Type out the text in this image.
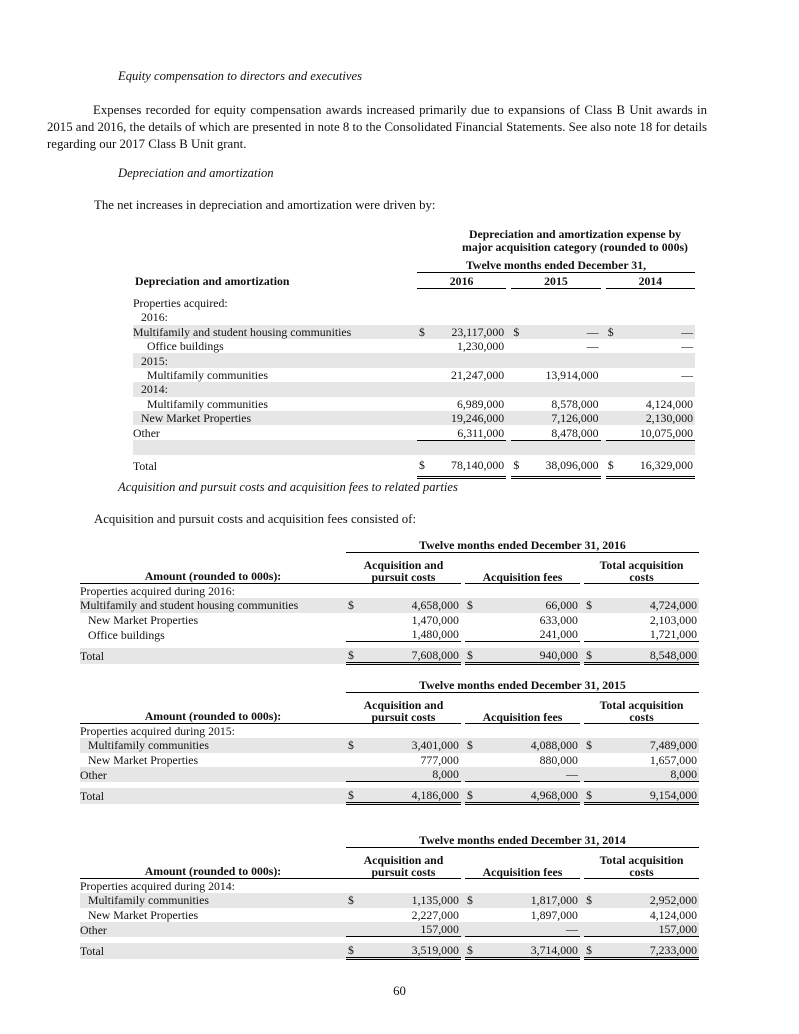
Equity compensation to directors and executives
Expenses recorded for equity compensation awards increased primarily due to expansions of Class B Unit awards in 2015 and 2016, the details of which are presented in note 8 to the Consolidated Financial Statements. See also note 18 for details regarding our 2017 Class B Unit grant.
Depreciation and amortization
The net increases in depreciation and amortization were driven by:
	Depreciation and amortization expense by major acquisition category (rounded to 000s)							
	Twelve months ended December 31,							
Depreciation and amortization	2016			2015			2014	
Properties acquired:								
2016:								
Multifamily and student housing communities	$	23,117,000		$	—		$	—
Office buildings		1,230,000			—			—
2015:								
Multifamily communities		21,247,000			13,914,000			—
2014:								
Multifamily communities		6,989,000			8,578,000			4,124,000
New Market Properties		19,246,000			7,126,000			2,130,000
Other		6,311,000			8,478,000			10,075,000

Total	$	78,140,000		$	38,096,000		$	16,329,000
Acquisition and pursuit costs and acquisition fees to related parties
Acquisition and pursuit costs and acquisition fees consisted of:
	Twelve months ended December 31, 2016							
Amount (rounded to 000s):	Acquisition and pursuit costs			Acquisition fees			Total acquisition costs	
Properties acquired during 2016:								
Multifamily and student housing communities	$	4,658,000		$	66,000		$	4,724,000
New Market Properties		1,470,000			633,000			2,103,000
Office buildings		1,480,000			241,000			1,721,000

Total	$	7,608,000		$	940,000		$	8,548,000
	Twelve months ended December 31, 2015							
Amount (rounded to 000s):	Acquisition and pursuit costs			Acquisition fees			Total acquisition costs	
Properties acquired during 2015:								
Multifamily communities	$	3,401,000		$	4,088,000		$	7,489,000
New Market Properties		777,000			880,000			1,657,000
Other		8,000			—			8,000

Total	$	4,186,000		$	4,968,000		$	9,154,000
	Twelve months ended December 31, 2014							
Amount (rounded to 000s):	Acquisition and pursuit costs			Acquisition fees			Total acquisition costs	
Properties acquired during 2014:								
Multifamily communities	$	1,135,000		$	1,817,000		$	2,952,000
New Market Properties		2,227,000			1,897,000			4,124,000
Other		157,000			—			157,000

Total	$	3,519,000		$	3,714,000		$	7,233,000
60
